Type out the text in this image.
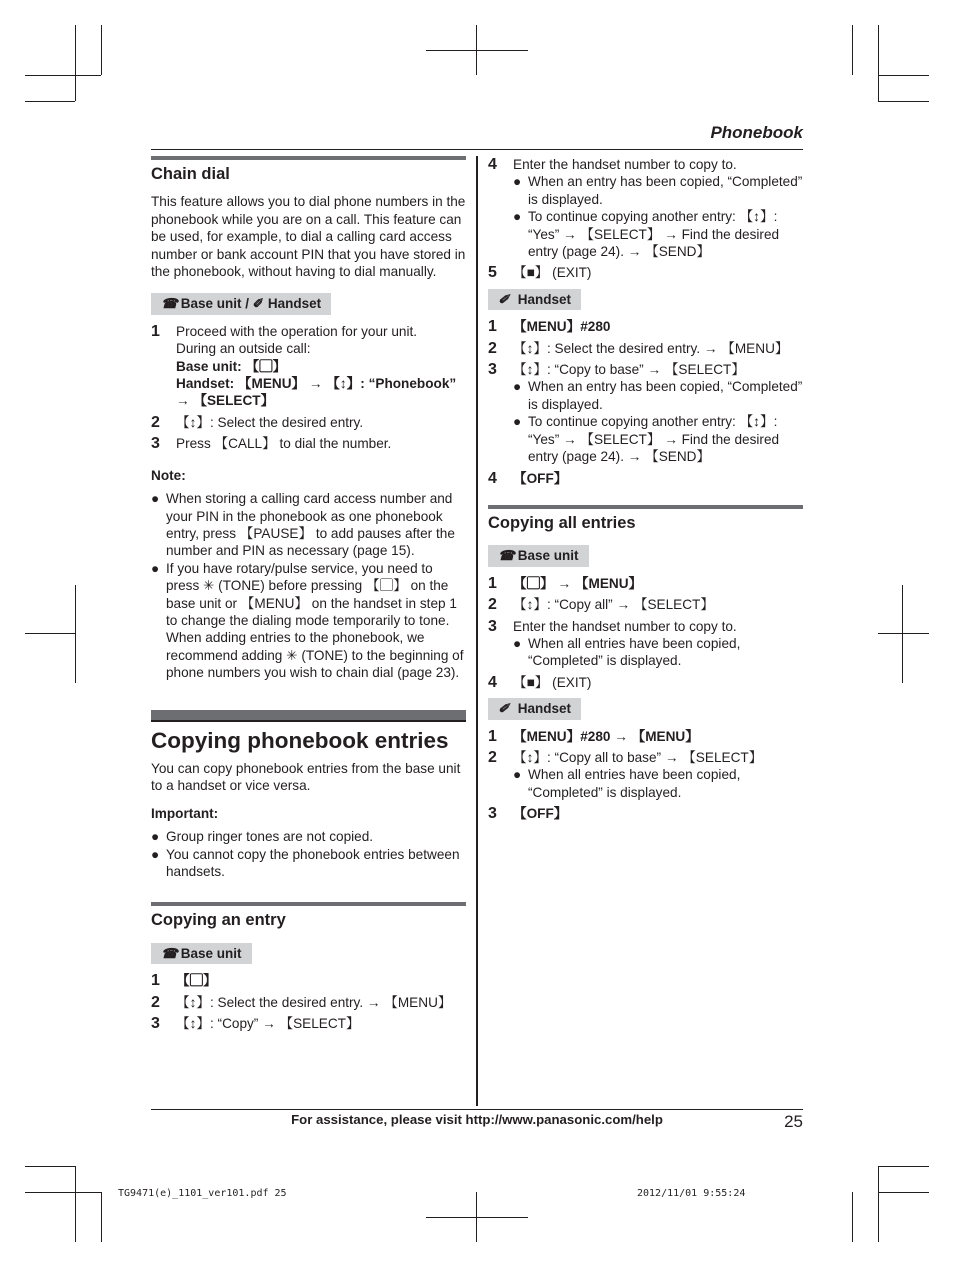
Phonebook
Chain dial

This feature allows you to dial phone numbers in the phonebook while you are on a call. This feature can be used, for example, to dial a calling card access number or bank account PIN that you have stored in the phonebook, without having to dial manually.

☎ Base unit / ✐ Handset
1	Proceed with the operation for your unit.
During an outside call:
Base unit: 【▢】
Handset: 【MENU】 → 【↕】: “Phonebook” → 【SELECT】
2	【↕】: Select the desired entry.
3	Press 【CALL】 to dial the number.
Note:
● When storing a calling card access number and your PIN in the phonebook as one phonebook entry, press 【PAUSE】 to add pauses after the number and PIN as necessary (page 15).
● If you have rotary/pulse service, you need to press ✳ (TONE) before pressing 【▢】 on the base unit or 【MENU】 on the handset in step 1 to change the dialing mode temporarily to tone. When adding entries to the phonebook, we recommend adding ✳ (TONE) to the beginning of phone numbers you wish to chain dial (page 23).
Copying phonebook entries

You can copy phonebook entries from the base unit to a handset or vice versa.

Important:
● Group ringer tones are not copied.
● You cannot copy the phonebook entries between handsets.
Copying an entry
☎ Base unit
1	【▢】
2	【↕】: Select the desired entry. → 【MENU】
3	【↕】: “Copy” → 【SELECT】
4	Enter the handset number to copy to.
● When an entry has been copied, “Completed” is displayed.
● To continue copying another entry: 【↕】: “Yes” → 【SELECT】 → Find the desired entry (page 24). → 【SEND】
5	【■】 (EXIT)
✐ Handset
1	【MENU】#280
2	【↕】: Select the desired entry. → 【MENU】
3	【↕】: “Copy to base” → 【SELECT】
● When an entry has been copied, “Completed” is displayed.
● To continue copying another entry: 【↕】: “Yes” → 【SELECT】 → Find the desired entry (page 24). → 【SEND】
4	【OFF】
Copying all entries
☎ Base unit
1	【▢】 → 【MENU】
2	【↕】: “Copy all” → 【SELECT】
3	Enter the handset number to copy to.
● When all entries have been copied, “Completed” is displayed.
4	【■】 (EXIT)
✐ Handset
1	【MENU】#280 → 【MENU】
2	【↕】: “Copy all to base” → 【SELECT】
● When all entries have been copied, “Completed” is displayed.
3	【OFF】
For assistance, please visit http://www.panasonic.com/help	25
TG9471(e)_1101_ver101.pdf 25	2012/11/01 9:55:24
